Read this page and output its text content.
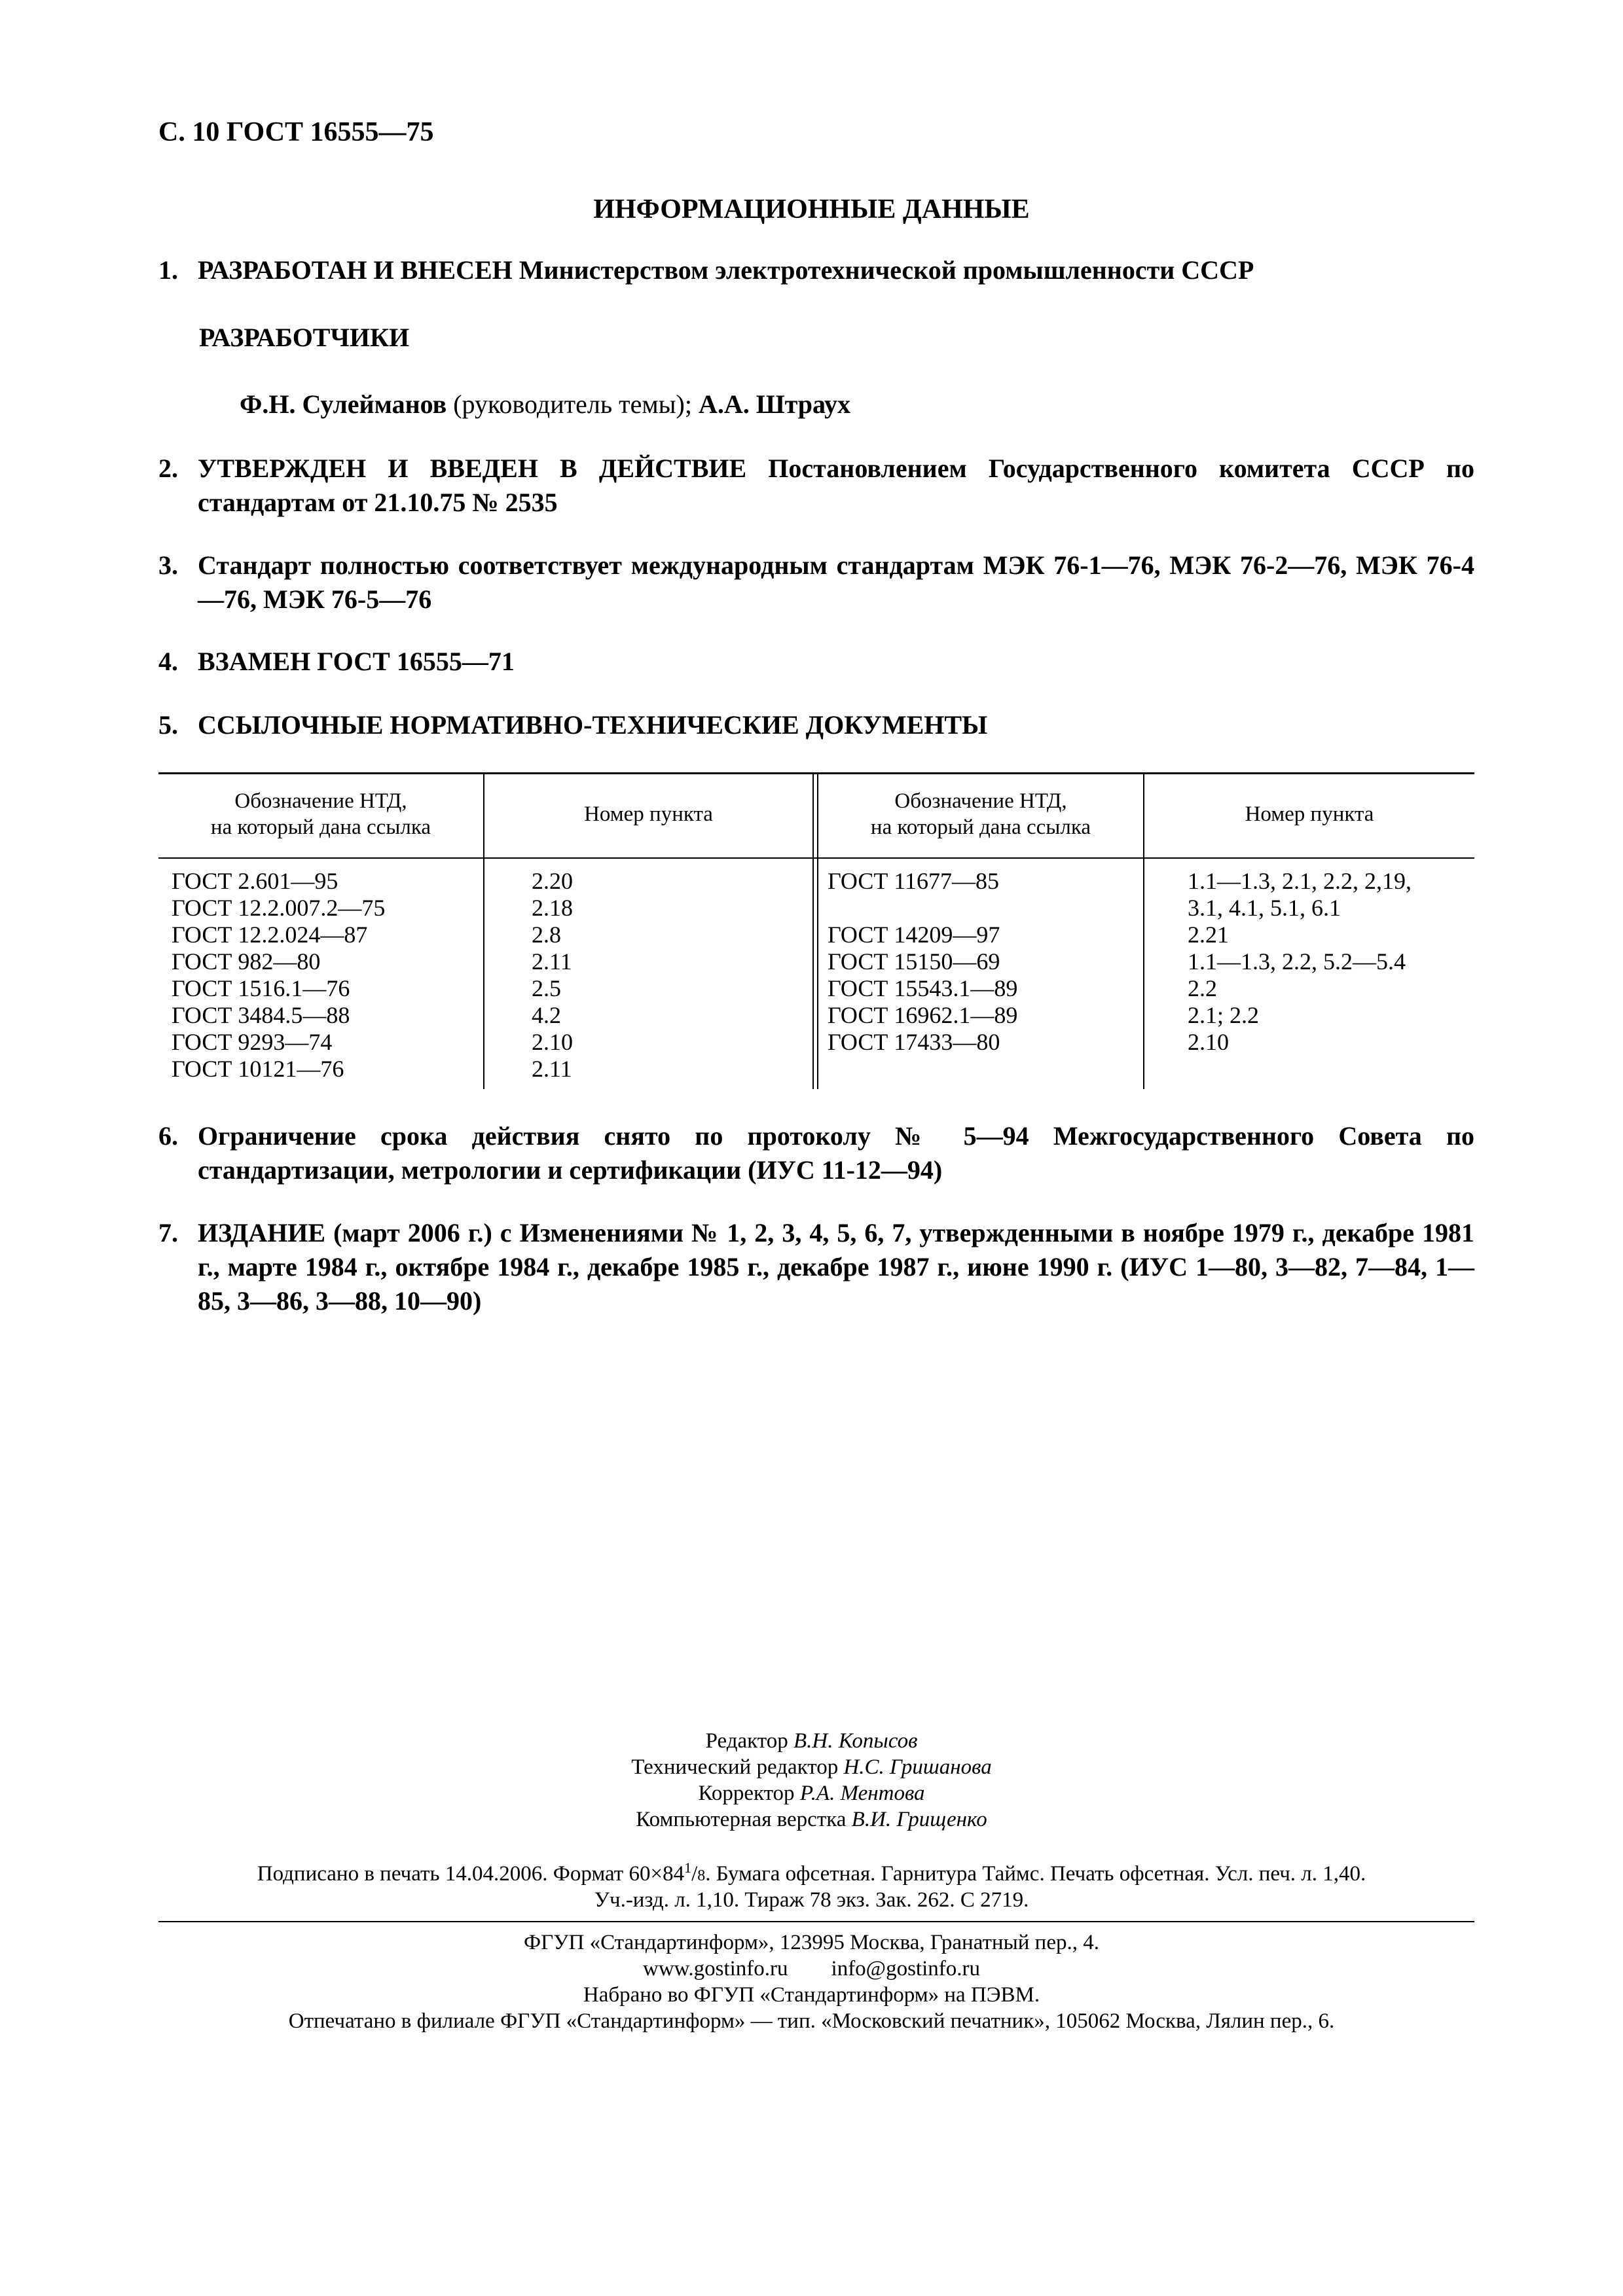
С. 10 ГОСТ 16555—75
ИНФОРМАЦИОННЫЕ ДАННЫЕ
1. РАЗРАБОТАН И ВНЕСЕН Министерством электротехнической промышленности СССР
РАЗРАБОТЧИКИ
Ф.Н. Сулейманов (руководитель темы); А.А. Штраух
2. УТВЕРЖДЕН И ВВЕДЕН В ДЕЙСТВИЕ Постановлением Государственного комитета СССР по стандартам от 21.10.75 № 2535
3. Стандарт полностью соответствует международным стандартам МЭК 76-1—76, МЭК 76-2—76, МЭК 76-4—76, МЭК 76-5—76
4. ВЗАМЕН ГОСТ 16555—71
5. ССЫЛОЧНЫЕ НОРМАТИВНО-ТЕХНИЧЕСКИЕ ДОКУМЕНТЫ
Обозначение НТД,
на который дана ссылка
Номер пункта
Обозначение НТД,
на который дана ссылка
Номер пункта
ГОСТ 2.601—95
ГОСТ 12.2.007.2—75
ГОСТ 12.2.024—87
ГОСТ 982—80
ГОСТ 1516.1—76
ГОСТ 3484.5—88
ГОСТ 9293—74
ГОСТ 10121—76
2.20
2.18
2.8
2.11
2.5
4.2
2.10
2.11
ГОСТ 11677—85

ГОСТ 14209—97
ГОСТ 15150—69
ГОСТ 15543.1—89
ГОСТ 16962.1—89
ГОСТ 17433—80
1.1—1.3, 2.1, 2.2, 2,19,
3.1, 4.1, 5.1, 6.1
2.21
1.1—1.3, 2.2, 5.2—5.4
2.2
2.1; 2.2
2.10
6. Ограничение срока действия снято по протоколу № 5—94 Межгосударственного Совета по стандартизации, метрологии и сертификации (ИУС 11-12—94)
7. ИЗДАНИЕ (март 2006 г.) с Изменениями № 1, 2, 3, 4, 5, 6, 7, утвержденными в ноябре 1979 г., декабре 1981 г., марте 1984 г., октябре 1984 г., декабре 1985 г., декабре 1987 г., июне 1990 г. (ИУС 1—80, 3—82, 7—84, 1—85, 3—86, 3—88, 10—90)
Редактор В.Н. Копысов
Технический редактор Н.С. Гришанова
Корректор Р.А. Ментова
Компьютерная верстка В.И. Грищенко
Подписано в печать 14.04.2006. Формат $60\times 84^1/8$. Бумага офсетная. Гарнитура Таймс. Печать офсетная. Усл. печ. л. 1,40.
Уч.-изд. л. 1,10. Тираж 78 экз. Зак. 262. С 2719.
ФГУП «Стандартинформ», 123995 Москва, Гранатный пер., 4.
www.gostinfo.ru        info@gostinfo.ru
Набрано во ФГУП «Стандартинформ» на ПЭВМ.
Отпечатано в филиале ФГУП «Стандартинформ» — тип. «Московский печатник», 105062 Москва, Лялин пер., 6.
